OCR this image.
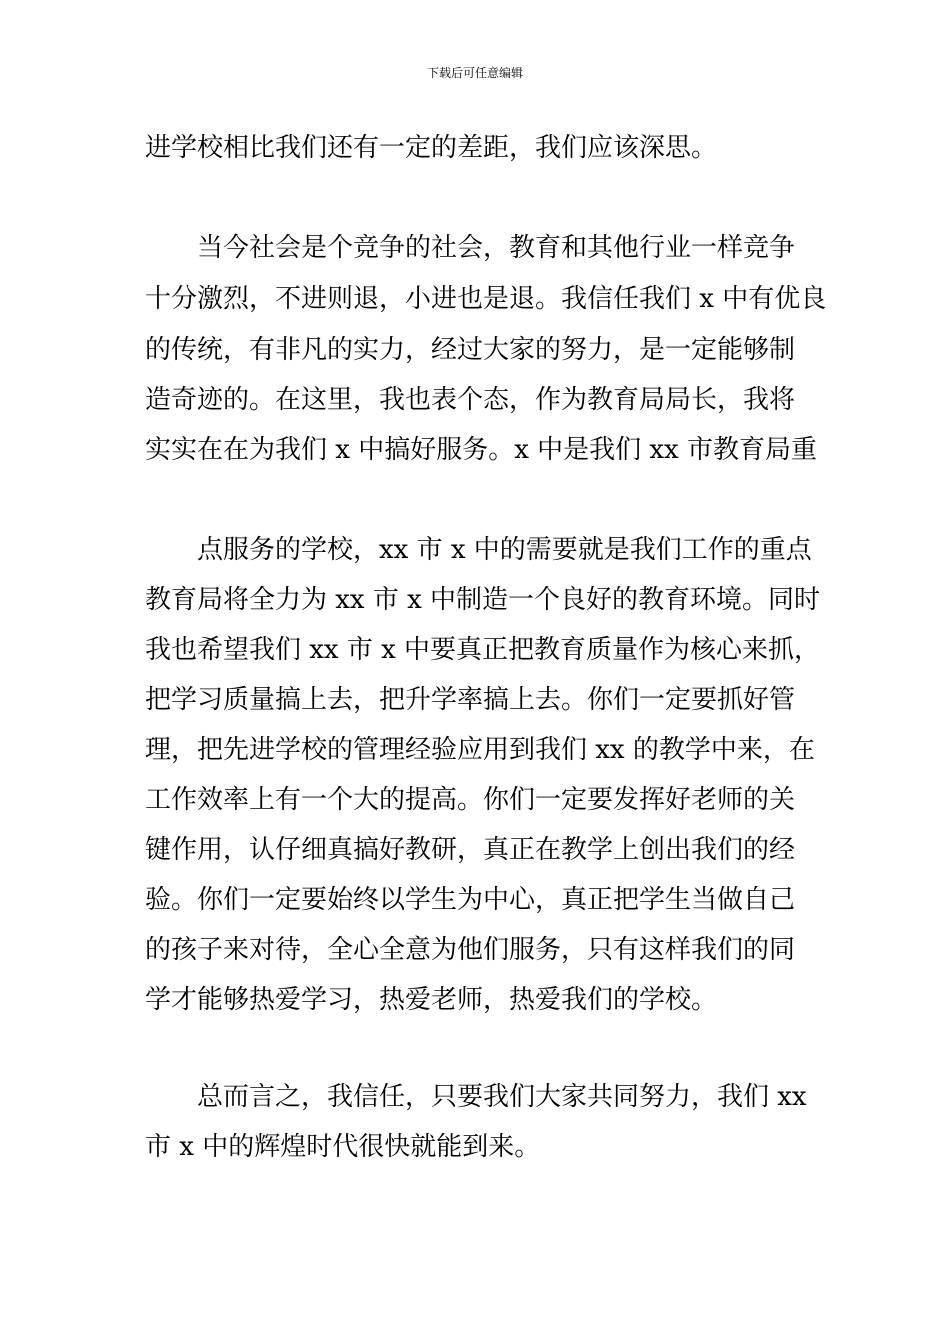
下载后可任意编辑
进学校相比我们还有一定的差距，我们应该深思。
当今社会是个竞争的社会，教育和其他行业一样竞争
十分激烈，不进则退，小进也是退。我信任我们 x 中有优良
的传统，有非凡的实力，经过大家的努力，是一定能够制
造奇迹的。在这里，我也表个态，作为教育局局长，我将
实实在在为我们 x 中搞好服务。x 中是我们 xx 市教育局重
点服务的学校，xx 市 x 中的需要就是我们工作的重点
教育局将全力为 xx 市 x 中制造一个良好的教育环境。同时
我也希望我们 xx 市 x 中要真正把教育质量作为核心来抓，
把学习质量搞上去，把升学率搞上去。你们一定要抓好管
理，把先进学校的管理经验应用到我们 xx 的教学中来，在
工作效率上有一个大的提高。你们一定要发挥好老师的关
键作用，认仔细真搞好教研，真正在教学上创出我们的经
验。你们一定要始终以学生为中心，真正把学生当做自己
的孩子来对待，全心全意为他们服务，只有这样我们的同
学才能够热爱学习，热爱老师，热爱我们的学校。
总而言之，我信任，只要我们大家共同努力，我们 xx
市 x 中的辉煌时代很快就能到来。
